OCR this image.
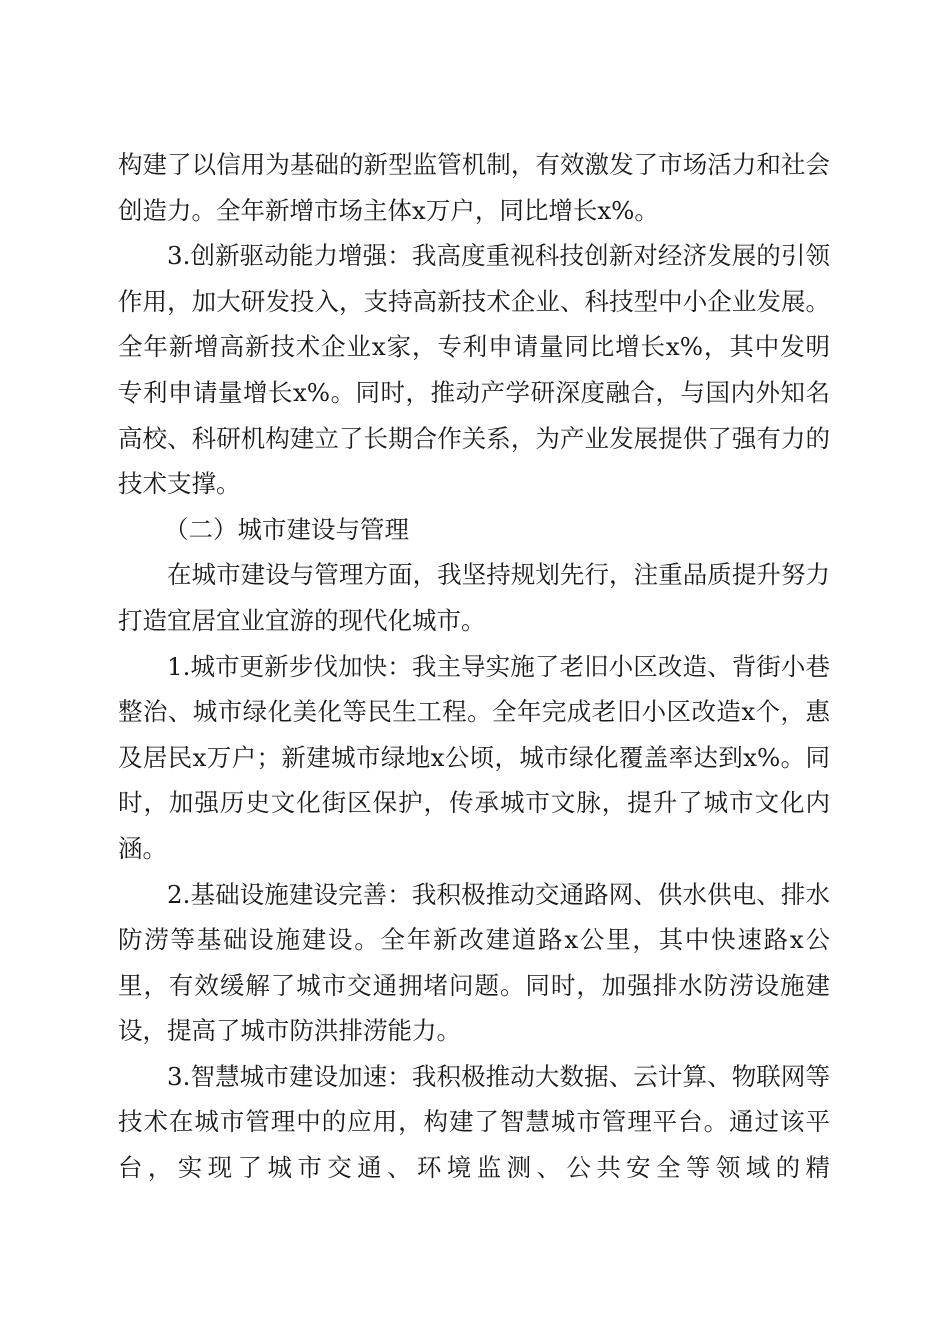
构建了以信用为基础的新型监管机制，有效激发了市场活力和社会创造力。全年新增市场主体x万户，同比增长x%。

3.创新驱动能力增强：我高度重视科技创新对经济发展的引领作用，加大研发投入，支持高新技术企业、科技型中小企业发展。全年新增高新技术企业x家，专利申请量同比增长x%，其中发明专利申请量增长x%。同时，推动产学研深度融合，与国内外知名高校、科研机构建立了长期合作关系，为产业发展提供了强有力的技术支撑。

（二）城市建设与管理

在城市建设与管理方面，我坚持规划先行，注重品质提升努力打造宜居宜业宜游的现代化城市。

1.城市更新步伐加快：我主导实施了老旧小区改造、背街小巷整治、城市绿化美化等民生工程。全年完成老旧小区改造x个，惠及居民x万户；新建城市绿地x公顷，城市绿化覆盖率达到x%。同时，加强历史文化街区保护，传承城市文脉，提升了城市文化内涵。

2.基础设施建设完善：我积极推动交通路网、供水供电、排水防涝等基础设施建设。全年新改建道路x公里，其中快速路x公里，有效缓解了城市交通拥堵问题。同时，加强排水防涝设施建设，提高了城市防洪排涝能力。

3.智慧城市建设加速：我积极推动大数据、云计算、物联网等技术在城市管理中的应用，构建了智慧城市管理平台。通过该平台，实现了城市交通、环境监测、公共安全等领域的精
